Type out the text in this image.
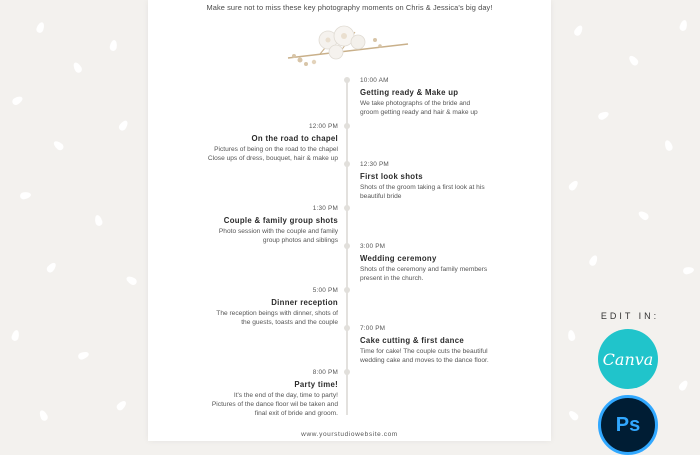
Make sure not to miss these key photography moments on Chris & Jessica's big day!
10:00 AM
Getting ready & Make up
We take photographs of the bride and
groom getting ready and hair & make up
12:00 PM
On the road to chapel
Pictures of being on the road to the chapel
Close ups of dress, bouquet, hair & make up
12:30 PM
First look shots
Shots of the groom taking a first look at his
beautiful bride
1:30 PM
Couple & family group shots
Photo session with the couple and family
group photos and siblings
3:00 PM
Wedding ceremony
Shots of the ceremony and family members
present in the church.
5:00 PM
Dinner reception
The reception beings with dinner, shots of
the guests, toasts and the couple
7:00 PM
Cake cutting & first dance
Time for cake! The couple cuts the beautiful
wedding cake and moves to the dance floor.
8:00 PM
Party time!
It's the end of the day, time to party!
Pictures of the dance floor wil be taken and
final exit of bride and groom.
www.yourstudiowebsite.com
EDIT IN:
Canva
Ps
